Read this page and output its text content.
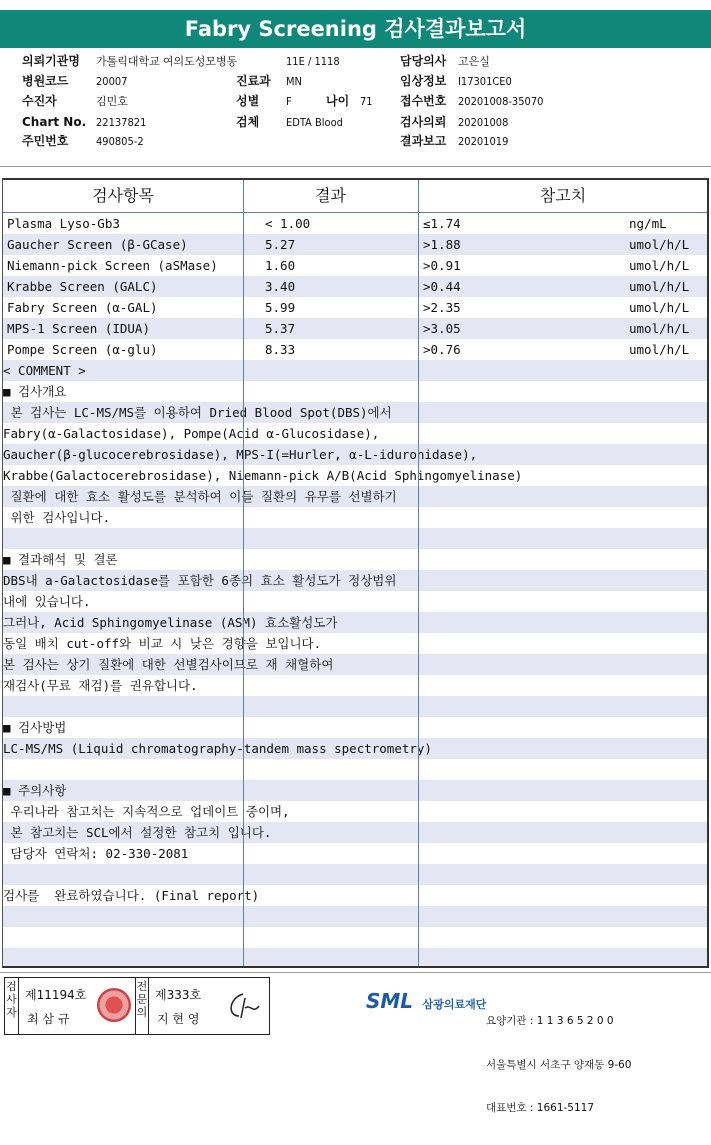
Fabry Screening 검사결과보고서
의뢰기관명 가톨릭대학교 여의도성모병동	11E / 1118	담당의사 고은실
병원코드	20007	진료과 MN	임상정보 I17301CE0
수진자	김민호	성별 F	나이 71 접수번호 20201008-35070
Chart No. 22137821	검체 EDTA Blood	검사의뢰 20201008
주민번호	490805-2	결과보고 20201019
검사항목	결과	참고치
Plasma Lyso-Gb3	< 1.00	≤1.74	ng/mL
Gaucher Screen (β-GCase)	5.27	>1.88	umol/h/L
Niemann-pick Screen (aSMase)	1.60	>0.91	umol/h/L
Krabbe Screen (GALC)	3.40	>0.44	umol/h/L
Fabry Screen (α-GAL)	5.99	>2.35	umol/h/L
MPS-1 Screen (IDUA)	5.37	>3.05	umol/h/L
Pompe Screen (α-glu)	8.33	>0.76	umol/h/L
< COMMENT >
■ 검사개요
본 검사는 LC-MS/MS를 이용하여 Dried Blood Spot(DBS)에서
Fabry(α-Galactosidase), Pompe(Acid α-Glucosidase),
Gaucher(β-glucocerebrosidase), MPS-I(=Hurler, α-L-iduronidase),
Krabbe(Galactocerebrosidase), Niemann-pick A/B(Acid Sphingomyelinase)
질환에 대한 효소 활성도를 분석하여 이들 질환의 유무를 선별하기
위한 검사입니다.
■ 결과해석 및 결론
DBS내 a-Galactosidase를 포함한 6종의 효소 활성도가 정상범위
내에 있습니다.
그러나, Acid Sphingomyelinase (ASM) 효소활성도가
동일 배치 cut-off와 비교 시 낮은 경향을 보입니다.
본 검사는 상기 질환에 대한 선별검사이므로 재 채혈하여
재검사(무료 재검)를 권유합니다.
■ 검사방법
LC-MS/MS (Liquid chromatography-tandem mass spectrometry)
■ 주의사항
우리나라 참고치는 지속적으로 업데이트 중이며,
본 참고치는 SCL에서 설정한 참고치 입니다.
담당자 연락처: 02-330-2081
검사를  완료하였습니다. (Final report)
검사자
제11194호
최 삼 규
전문의
제333호
지 현 영
SML 삼광의료재단

요양기관 : 1 1 3 6 5 2 0 0

서울특별시 서초구 양재동 9-60

대표번호 : 1661-5117
